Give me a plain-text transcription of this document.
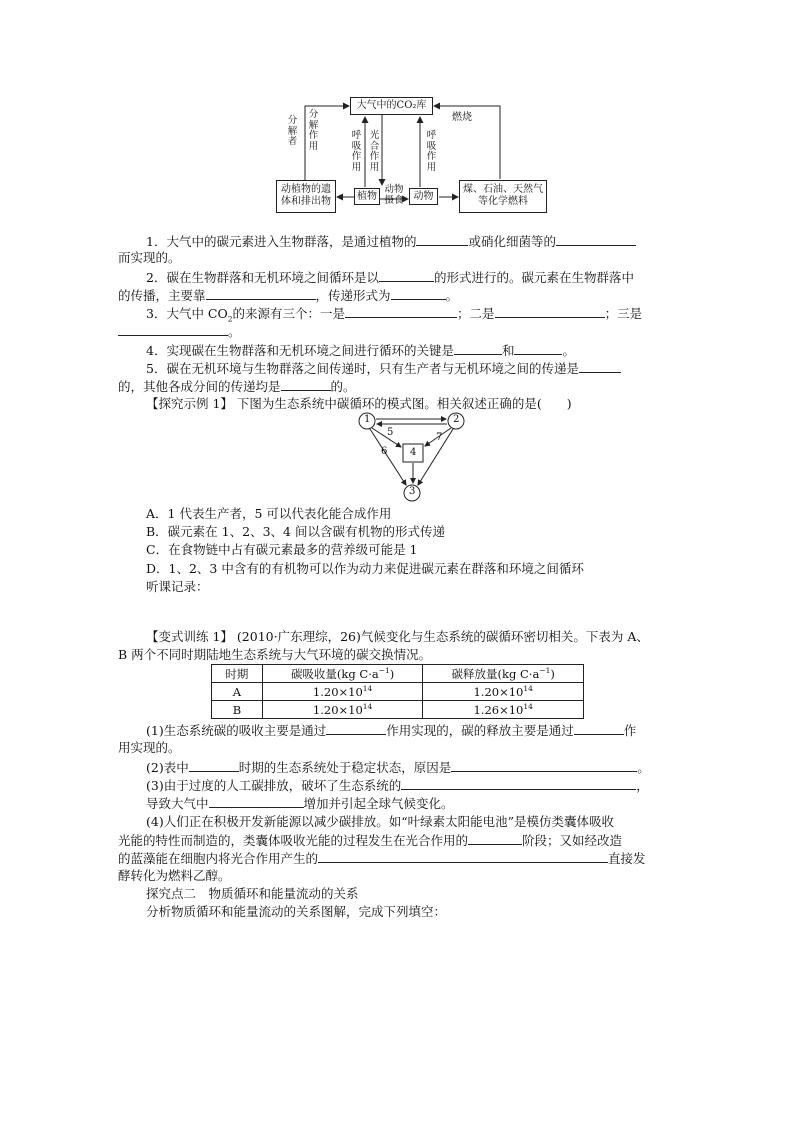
大气中的CO₂库
动植物的遗体和排出物	植物	动物
煤、石油、天然气等化学燃料
分解者
分解作用
呼吸作用
光合作用
呼吸作用
燃烧
动物摄食
1．大气中的碳元素进入生物群落，是通过植物的	或硝化细菌等的
而实现的。
2．碳在生物群落和无机环境之间循环是以	的形式进行的。碳元素在生物群落中
的传播，主要靠	，传递形式为	。
3．大气中 $CO_2$的来源有三个：一是	；二是	；三是
。
4．实现碳在生物群落和无机环境之间进行循环的关键是	和	。
5．碳在无机环境与生物群落之间传递时，只有生产者与无机环境之间的传递是
的，其他各成分间的传递均是	的。
【探究示例 1】 下图为生态系统中碳循环的模式图。相关叙述正确的是(　　)
1	2
3
4
5
6
7
A．1 代表生产者，5 可以代表化能合成作用
B．碳元素在 1、2、3、4 间以含碳有机物的形式传递
C．在食物链中占有碳元素最多的营养级可能是 1
D．1、2、3 中含有的有机物可以作为动力来促进碳元素在群落和环境之间循环
听课记录：
【变式训练 1】 (2010·广东理综，26)气候变化与生态系统的碳循环密切相关。下表为 A、
B 两个不同时期陆地生态系统与大气环境的碳交换情况。
时期	碳吸收量(kg $C\cdot a^{-1}$)	碳释放量(kg $C\cdot a^{-1}$)
A	$1.20\times 10^{14}$	$1.20\times 10^{14}$
B	$1.20\times 10^{14}$	$1.26\times 10^{14}$
(1)生态系统碳的吸收主要是通过	作用实现的，碳的释放主要是通过	作
用实现的。
(2)表中	时期的生态系统处于稳定状态，原因是	。
(3)由于过度的人工碳排放，破坏了生态系统的	，
导致大气中	增加并引起全球气候变化。
(4)人们正在积极开发新能源以减少碳排放。如“叶绿素太阳能电池”是模仿类囊体吸收
光能的特性而制造的，类囊体吸收光能的过程发生在光合作用的	阶段；又如经改造
的蓝藻能在细胞内将光合作用产生的	直接发
酵转化为燃料乙醇。
探究点二　物质循环和能量流动的关系
分析物质循环和能量流动的关系图解，完成下列填空：
